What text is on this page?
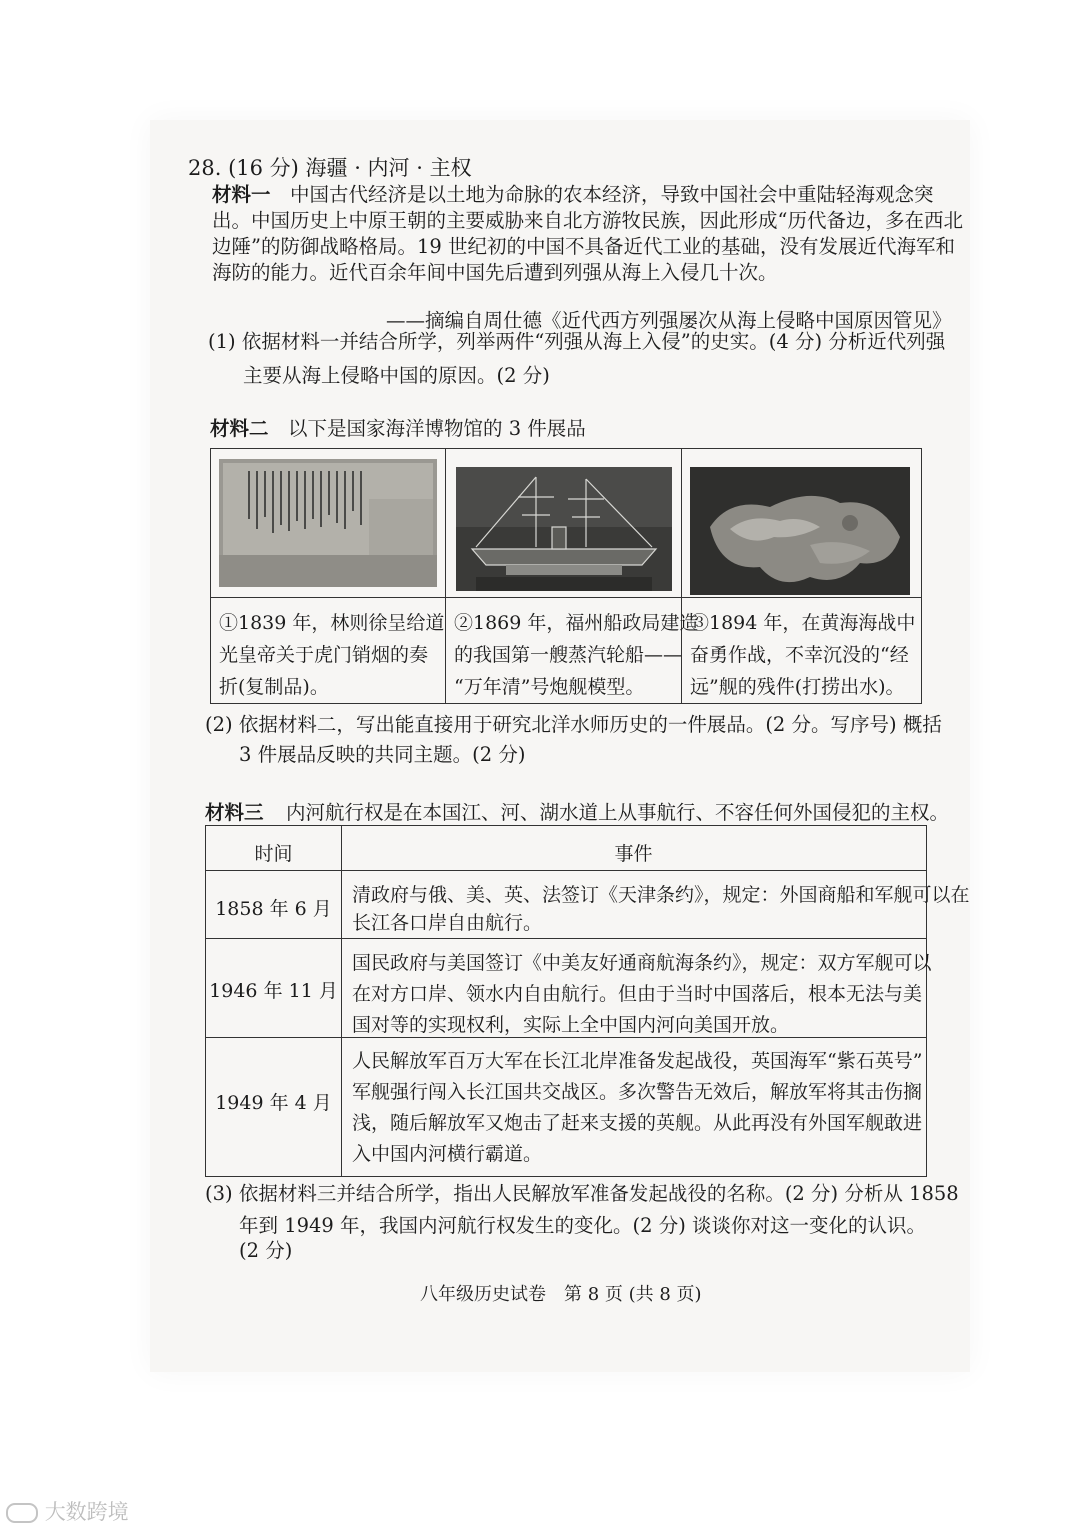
28. (16 分) 海疆 · 内河 · 主权
材料一 中国古代经济是以土地为命脉的农本经济，导致中国社会中重陆轻海观念突
出。中国历史上中原王朝的主要威胁来自北方游牧民族，因此形成“历代备边，多在西北
边陲”的防御战略格局。19 世纪初的中国不具备近代工业的基础，没有发展近代海军和
海防的能力。近代百余年间中国先后遭到列强从海上入侵几十次。
——摘编自周仕德《近代西方列强屡次从海上侵略中国原因管见》
(1) 依据材料一并结合所学，列举两件“列强从海上入侵”的史实。(4 分) 分析近代列强
主要从海上侵略中国的原因。(2 分)
材料二 以下是国家海洋博物馆的 3 件展品
①1839 年，林则徐呈给道
光皇帝关于虎门销烟的奏
折(复制品)。
②1869 年，福州船政局建造
的我国第一艘蒸汽轮船——
“万年清”号炮舰模型。
③1894 年，在黄海海战中
奋勇作战，不幸沉没的“经
远”舰的残件(打捞出水)。
(2) 依据材料二，写出能直接用于研究北洋水师历史的一件展品。(2 分。写序号) 概括
3 件展品反映的共同主题。(2 分)
材料三 内河航行权是在本国江、河、湖水道上从事航行、不容任何外国侵犯的主权。
时间	事件
1858 年 6 月
清政府与俄、美、英、法签订《天津条约》，规定：外国商船和军舰可以在
长江各口岸自由航行。
1946 年 11 月
国民政府与美国签订《中美友好通商航海条约》，规定：双方军舰可以
在对方口岸、领水内自由航行。但由于当时中国落后，根本无法与美
国对等的实现权利，实际上全中国内河向美国开放。
1949 年 4 月
人民解放军百万大军在长江北岸准备发起战役，英国海军“紫石英号”
军舰强行闯入长江国共交战区。多次警告无效后，解放军将其击伤搁
浅，随后解放军又炮击了赶来支援的英舰。从此再没有外国军舰敢进
入中国内河横行霸道。
(3) 依据材料三并结合所学，指出人民解放军准备发起战役的名称。(2 分) 分析从 1858
年到 1949 年，我国内河航行权发生的变化。(2 分) 谈谈你对这一变化的认识。
(2 分)
八年级历史试卷　第 8 页 (共 8 页)
大数跨境
